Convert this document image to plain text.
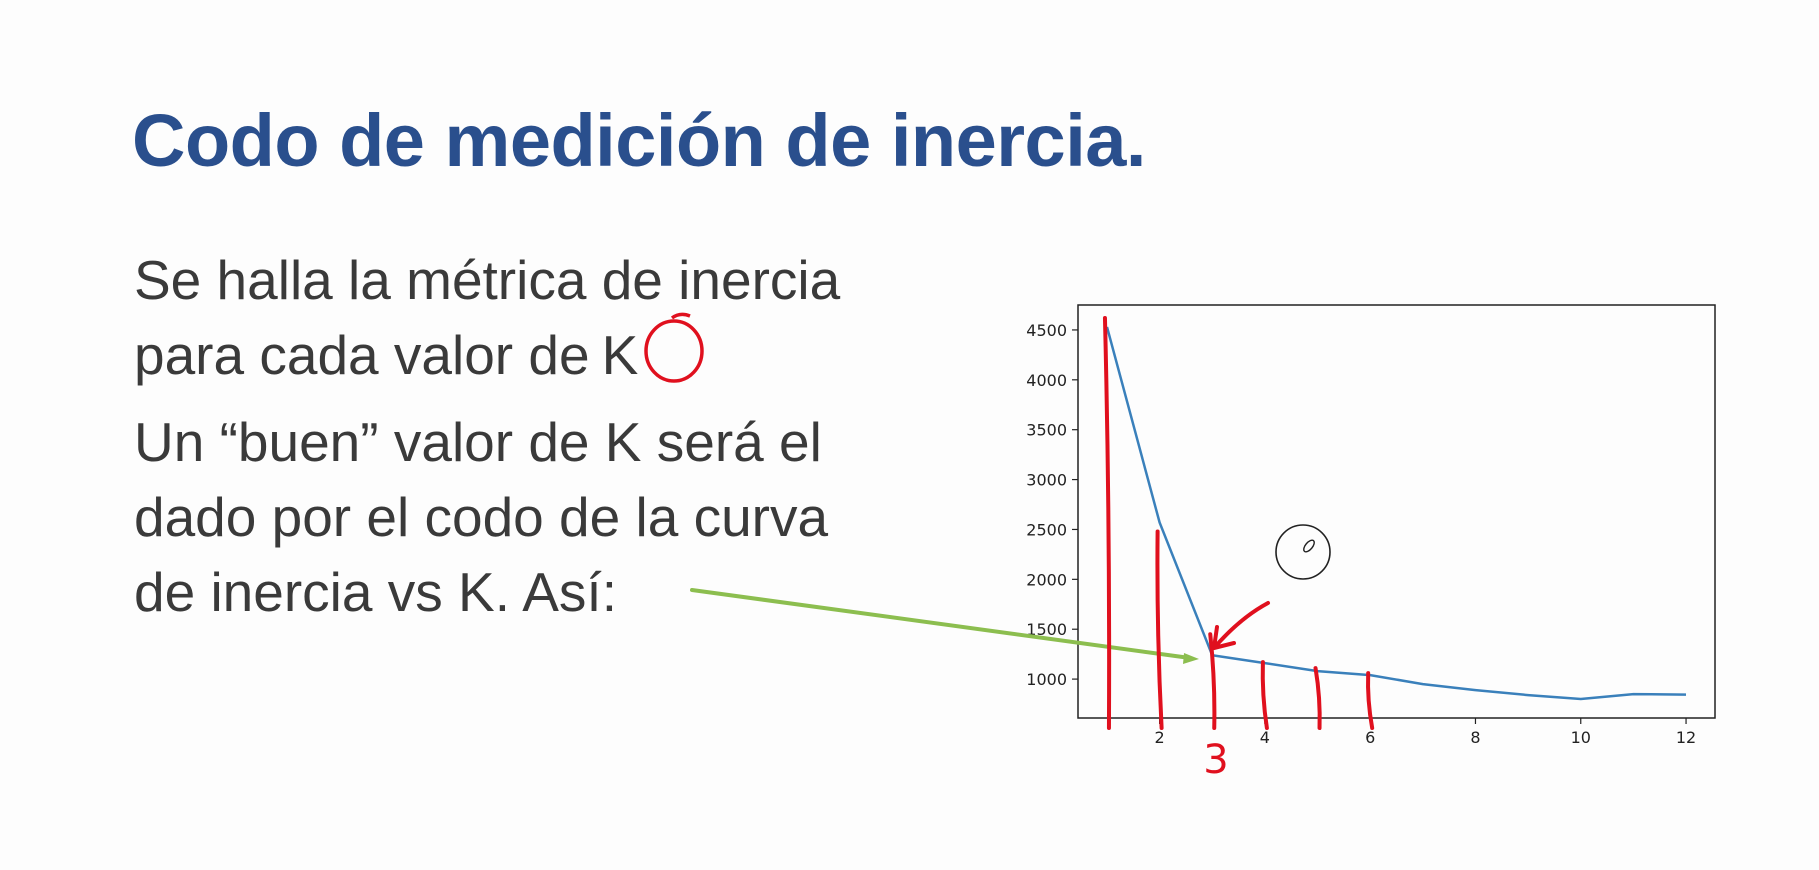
Codo de medición de inercia.

Se halla la métrica de inercia
para cada valor de K

Un “buen” valor de K será el
dado por el codo de la curva
de inercia vs K. Así:

2	4	6	8	10	12
1000
1500
2000
2500
3000
3500
4000
4500
3
